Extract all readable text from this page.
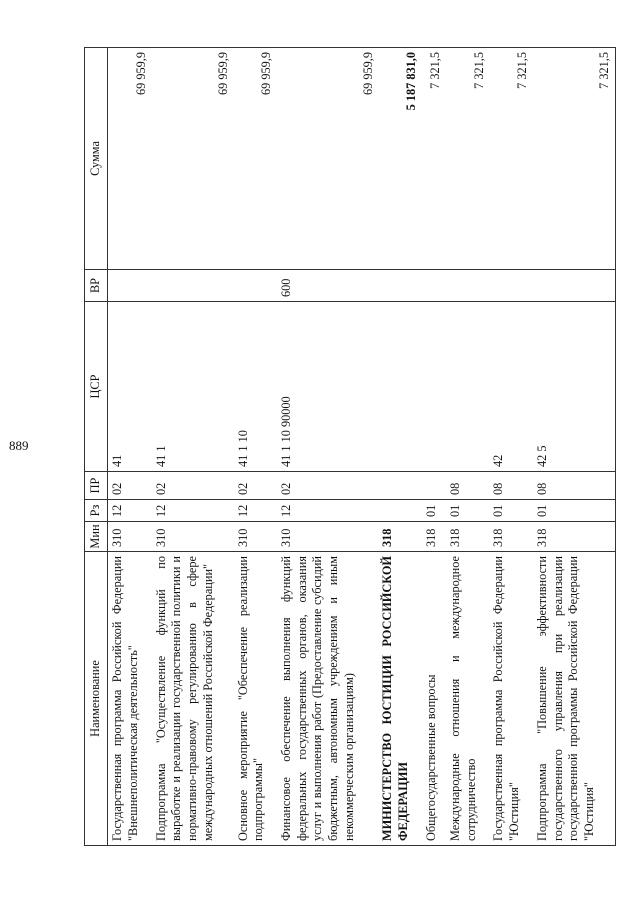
889
Наименование	Мин	Рз	ПР	ЦСР	ВР	Сумма
Государственная программа Российской Федерации "Внешнеполитическая деятельность"	310	12	02	41		69 959,9
Подпрограмма "Осуществление функций по выработке и реализации государственной политики и нормативно-правовому регулированию в сфере международных отношений Российской Федерации"	310	12	02	41 1		69 959,9
Основное мероприятие "Обеспечение реализации подпрограммы"	310	12	02	41 1 10		69 959,9
Финансовое обеспечение выполнения функций федеральных государственных органов, оказания услуг и выполнения работ (Предоставление субсидий бюджетным, автономным учреждениям и иным некоммерческим организациям)	310	12	02	41 1 10 90000	600	69 959,9
МИНИСТЕРСТВО ЮСТИЦИИ РОССИЙСКОЙ ФЕДЕРАЦИИ	318					5 187 831,0
Общегосударственные вопросы	318	01				7 321,5
Международные отношения и международное сотрудничество	318	01	08			7 321,5
Государственная программа Российской Федерации "Юстиция"	318	01	08	42		7 321,5
Подпрограмма "Повышение эффективности государственного управления при реализации государственной программы Российской Федерации "Юстиция"	318	01	08	42 5		7 321,5
